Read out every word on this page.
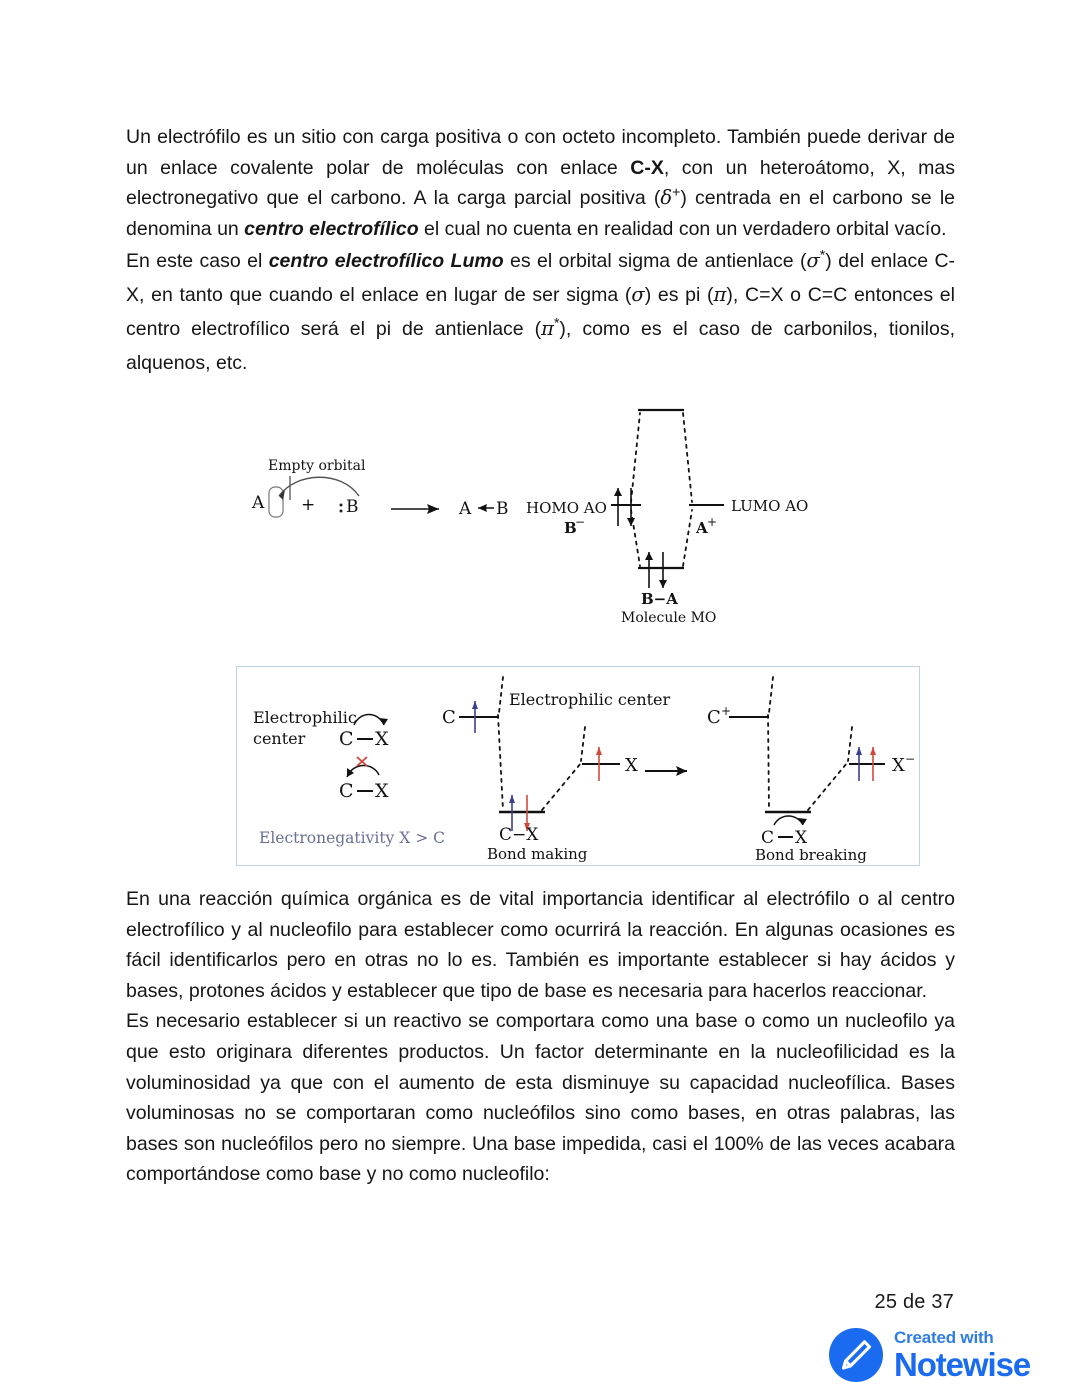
Un electrófilo es un sitio con carga positiva o con octeto incompleto. También puede derivar de un enlace covalente polar de moléculas con enlace C-X, con un heteroátomo, X, mas electronegativo que el carbono. A la carga parcial positiva (δ+) centrada en el carbono se le denomina un centro electrofílico el cual no cuenta en realidad con un verdadero orbital vacío.

En este caso el centro electrofílico Lumo es el orbital sigma de antienlace (σ*) del enlace C-X, en tanto que cuando el enlace en lugar de ser sigma (σ) es pi (π), C=X o C=C entonces el centro electrofílico será el pi de antienlace (π*), como es el caso de carbonilos, tionilos, alquenos, etc.

Empty orbital
A + B	A B HOMO AO
B
−
LUMO AO
A +
B−A
Molecule MO
Electrophilic
center C X
C X
Electronegativity X > C
C
X
C−X
Bond making
Electrophilic center
C +
X −
C X
Bond breaking

En una reacción química orgánica es de vital importancia identificar al electrófilo o al centro electrofílico y al nucleofilo para establecer como ocurrirá la reacción. En algunas ocasiones es fácil identificarlos pero en otras no lo es. También es importante establecer si hay ácidos y bases, protones ácidos y establecer que tipo de base es necesaria para hacerlos reaccionar.

Es necesario establecer si un reactivo se comportara como una base o como un nucleofilo ya que esto originara diferentes productos. Un factor determinante en la nucleofilicidad es la voluminosidad ya que con el aumento de esta disminuye su capacidad nucleofílica. Bases voluminosas no se comportaran como nucleófilos sino como bases, en otras palabras, las bases son nucleófilos pero no siempre. Una base impedida, casi el 100% de las veces acabara comportándose como base y no como nucleofilo:

25 de 37
Created with
Notewise
